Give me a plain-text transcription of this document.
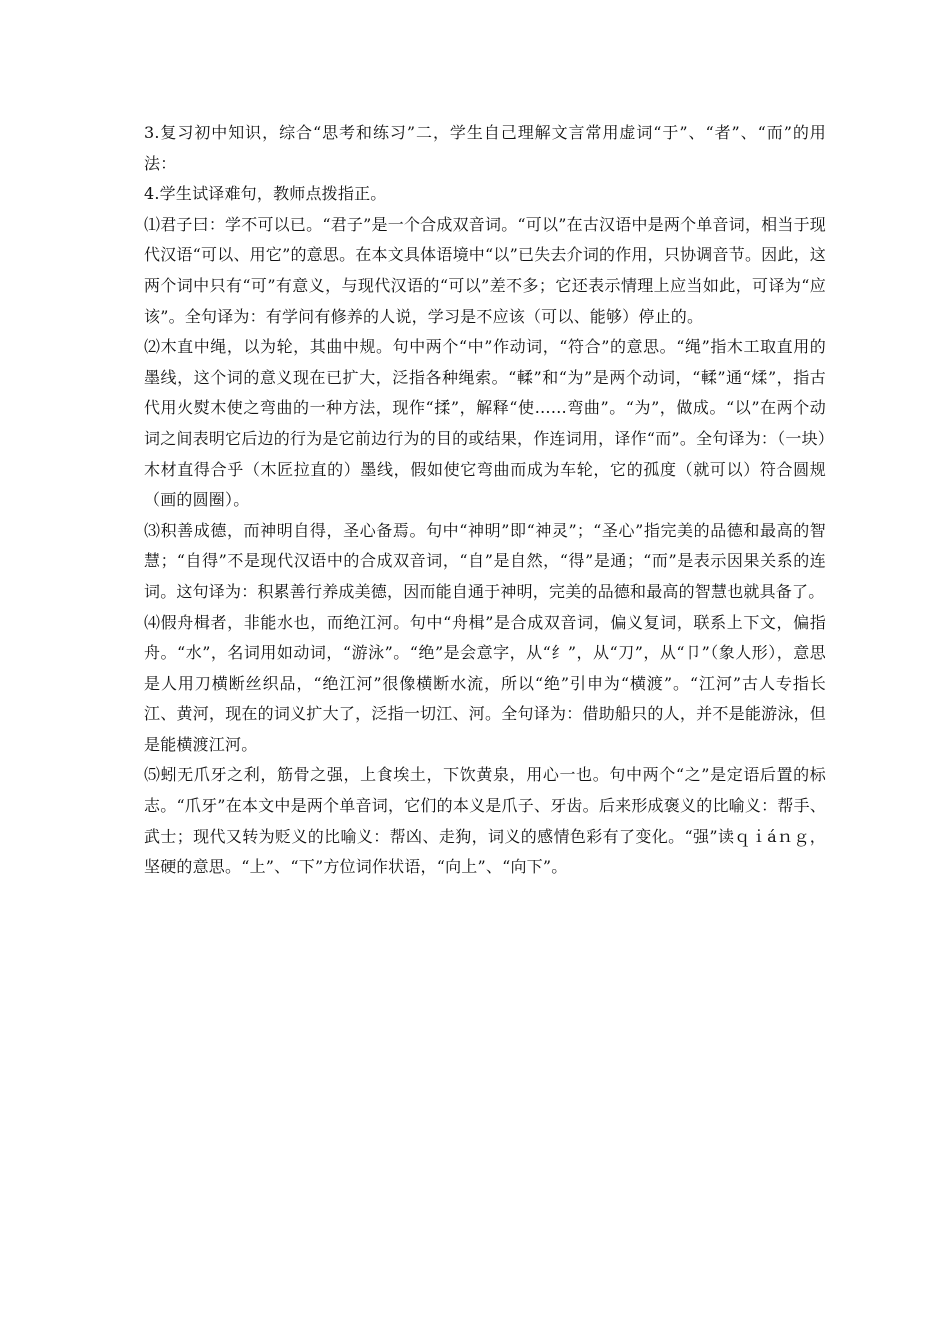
3.复习初中知识，综合“思考和练习”二，学生自己理解文言常用虚词“于”、“者”、“而”的用法：

4.学生试译难句，教师点拨指正。

⑴君子曰：学不可以已。“君子”是一个合成双音词。“可以”在古汉语中是两个单音词，相当于现代汉语“可以、用它”的意思。在本文具体语境中“以”已失去介词的作用，只协调音节。因此，这两个词中只有“可”有意义，与现代汉语的“可以”差不多；它还表示情理上应当如此，可译为“应该”。全句译为：有学问有修养的人说，学习是不应该（可以、能够）停止的。

⑵木直中绳，以为轮，其曲中规。句中两个“中”作动词，“符合”的意思。“绳”指木工取直用的墨线，这个词的意义现在已扩大，泛指各种绳索。“輮”和“为”是两个动词，“輮”通“煣”，指古代用火熨木使之弯曲的一种方法，现作“揉”，解释“使……弯曲”。“为”，做成。“以”在两个动词之间表明它后边的行为是它前边行为的目的或结果，作连词用，译作“而”。全句译为：（一块）木材直得合乎（木匠拉直的）墨线，假如使它弯曲而成为车轮，它的孤度（就可以）符合圆规（画的圆圈）。

⑶积善成德，而神明自得，圣心备焉。句中“神明”即“神灵”；“圣心”指完美的品德和最高的智慧；“自得”不是现代汉语中的合成双音词，“自”是自然，“得”是通；“而”是表示因果关系的连词。这句译为：积累善行养成美德，因而能自通于神明，完美的品德和最高的智慧也就具备了。

⑷假舟楫者，非能水也，而绝江河。句中“舟楫”是合成双音词，偏义复词，联系上下文，偏指舟。“水”，名词用如动词，“游泳”。“绝”是会意字，从“纟”，从“刀”，从“卩”（象人形），意思是人用刀横断丝织品，“绝江河”很像横断水流，所以“绝”引申为“横渡”。“江河”古人专指长江、黄河，现在的词义扩大了，泛指一切江、河。全句译为：借助船只的人，并不是能游泳，但是能横渡江河。

⑸蚓无爪牙之利，筋骨之强，上食埃土，下饮黄泉，用心一也。句中两个“之”是定语后置的标志。“爪牙”在本文中是两个单音词，它们的本义是爪子、牙齿。后来形成褒义的比喻义：帮手、武士；现代又转为贬义的比喻义：帮凶、走狗，词义的感情色彩有了变化。“强”读ｑｉáｎｇ，坚硬的意思。“上”、“下”方位词作状语，“向上”、“向下”。
